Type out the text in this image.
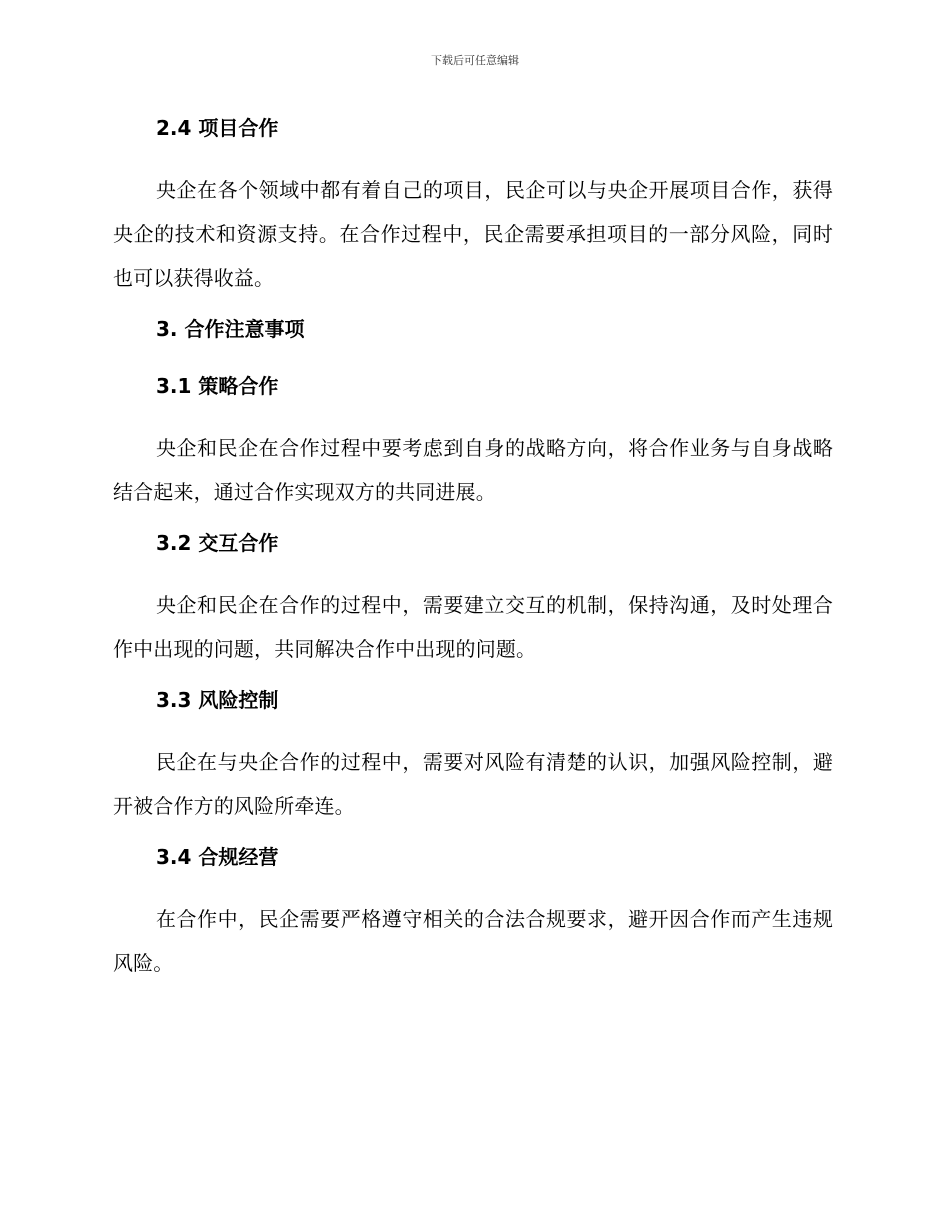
下载后可任意编辑
2.4 项目合作

央企在各个领域中都有着自己的项目，民企可以与央企开展项目合作，获得央企的技术和资源支持。在合作过程中，民企需要承担项目的一部分风险，同时也可以获得收益。

3. 合作注意事项
3.1 策略合作

央企和民企在合作过程中要考虑到自身的战略方向，将合作业务与自身战略结合起来，通过合作实现双方的共同进展。

3.2 交互合作

央企和民企在合作的过程中，需要建立交互的机制，保持沟通，及时处理合作中出现的问题，共同解决合作中出现的问题。

3.3 风险控制

民企在与央企合作的过程中，需要对风险有清楚的认识，加强风险控制，避开被合作方的风险所牵连。

3.4 合规经营

在合作中，民企需要严格遵守相关的合法合规要求，避开因合作而产生违规风险。
